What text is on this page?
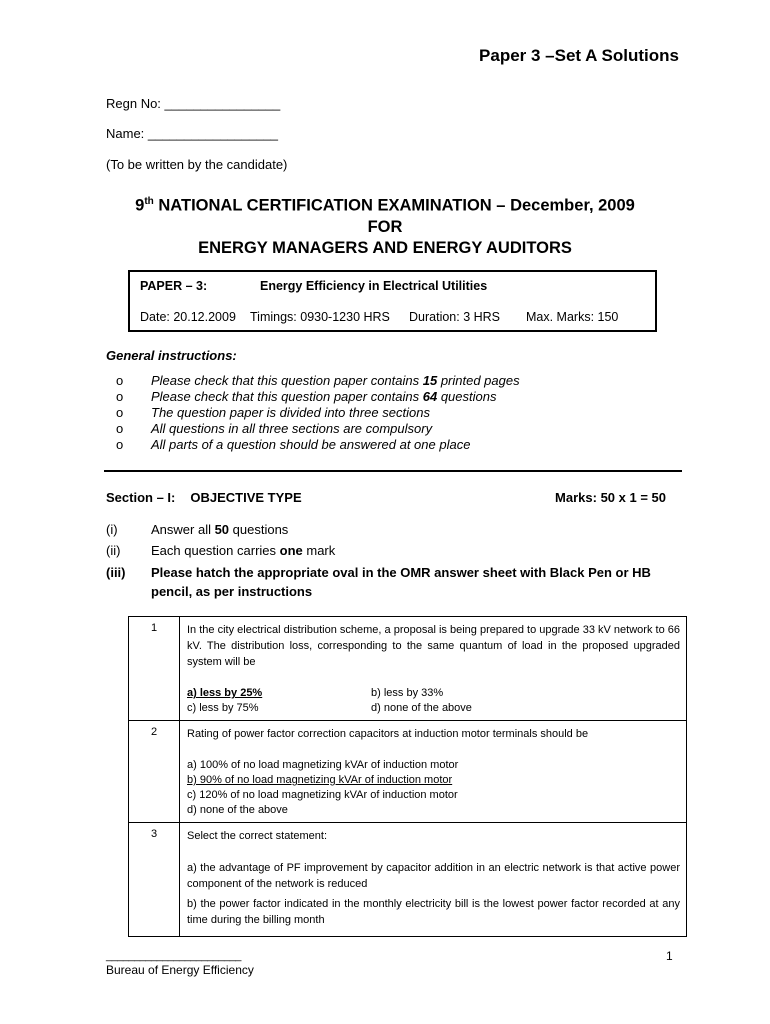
Paper 3 –Set A Solutions
Regn No: ________________
Name: __________________
(To be written by the candidate)
9th NATIONAL CERTIFICATION EXAMINATION – December, 2009
FOR
ENERGY MANAGERS AND ENERGY AUDITORS
PAPER – 3:	Energy Efficiency in Electrical Utilities
Date: 20.12.2009 Timings: 0930-1230 HRS Duration: 3 HRS Max. Marks: 150
General instructions:
o Please check that this question paper contains 15 printed pages
o Please check that this question paper contains 64 questions
o The question paper is divided into three sections
o All questions in all three sections are compulsory
o All parts of a question should be answered at one place
Section – I: OBJECTIVE TYPE	Marks: 50 x 1 = 50
(i)	Answer all 50 questions
(ii) Each question carries one mark
(iii) Please hatch the appropriate oval in the OMR answer sheet with Black Pen or HB pencil, as per instructions
1	In the city electrical distribution scheme, a proposal is being prepared to upgrade 33 kV network to 66 kV. The distribution loss, corresponding to the same quantum of load in the proposed upgraded system will be
a) less by 25% b) less by 33%
c) less by 75% d) none of the above

2	Rating of power factor correction capacitors at induction motor terminals should be
a) 100% of no load magnetizing kVAr of induction motor
b) 90% of no load magnetizing kVAr of induction motor
c) 120% of no load magnetizing kVAr of induction motor
d) none of the above

3	Select the correct statement:
a) the advantage of PF improvement by capacitor addition in an electric network is that active power component of the network is reduced
b) the power factor indicated in the monthly electricity bill is the lowest power factor recorded at any time during the billing month
________________________
Bureau of Energy Efficiency
1
